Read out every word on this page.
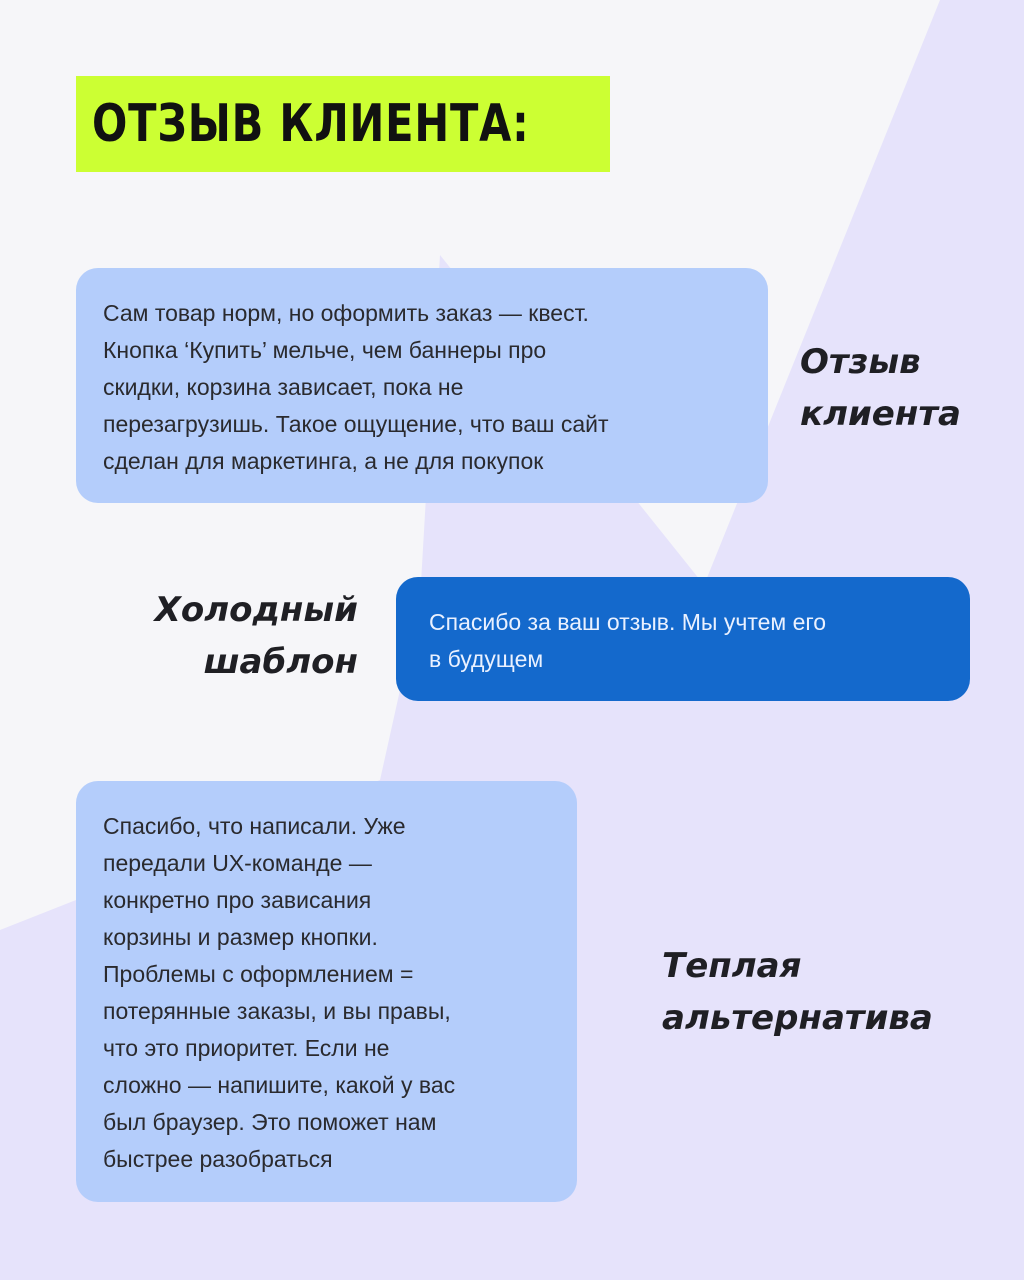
ОТЗЫВ КЛИЕНТА:
Сам товар норм, но оформить заказ — квест.
Кнопка ‘Купить’ мельче, чем баннеры про
скидки, корзина зависает, пока не
перезагрузишь. Такое ощущение, что ваш сайт
сделан для маркетинга, а не для покупок
Отзыв
клиента
Холодный
шаблон
Спасибо за ваш отзыв. Мы учтем его
в будущем
Спасибо, что написали. Уже
передали UX-команде —
конкретно про зависания
корзины и размер кнопки.
Проблемы с оформлением =
потерянные заказы, и вы правы,
что это приоритет. Если не
сложно — напишите, какой у вас
был браузер. Это поможет нам
быстрее разобраться
Теплая
альтернатива
